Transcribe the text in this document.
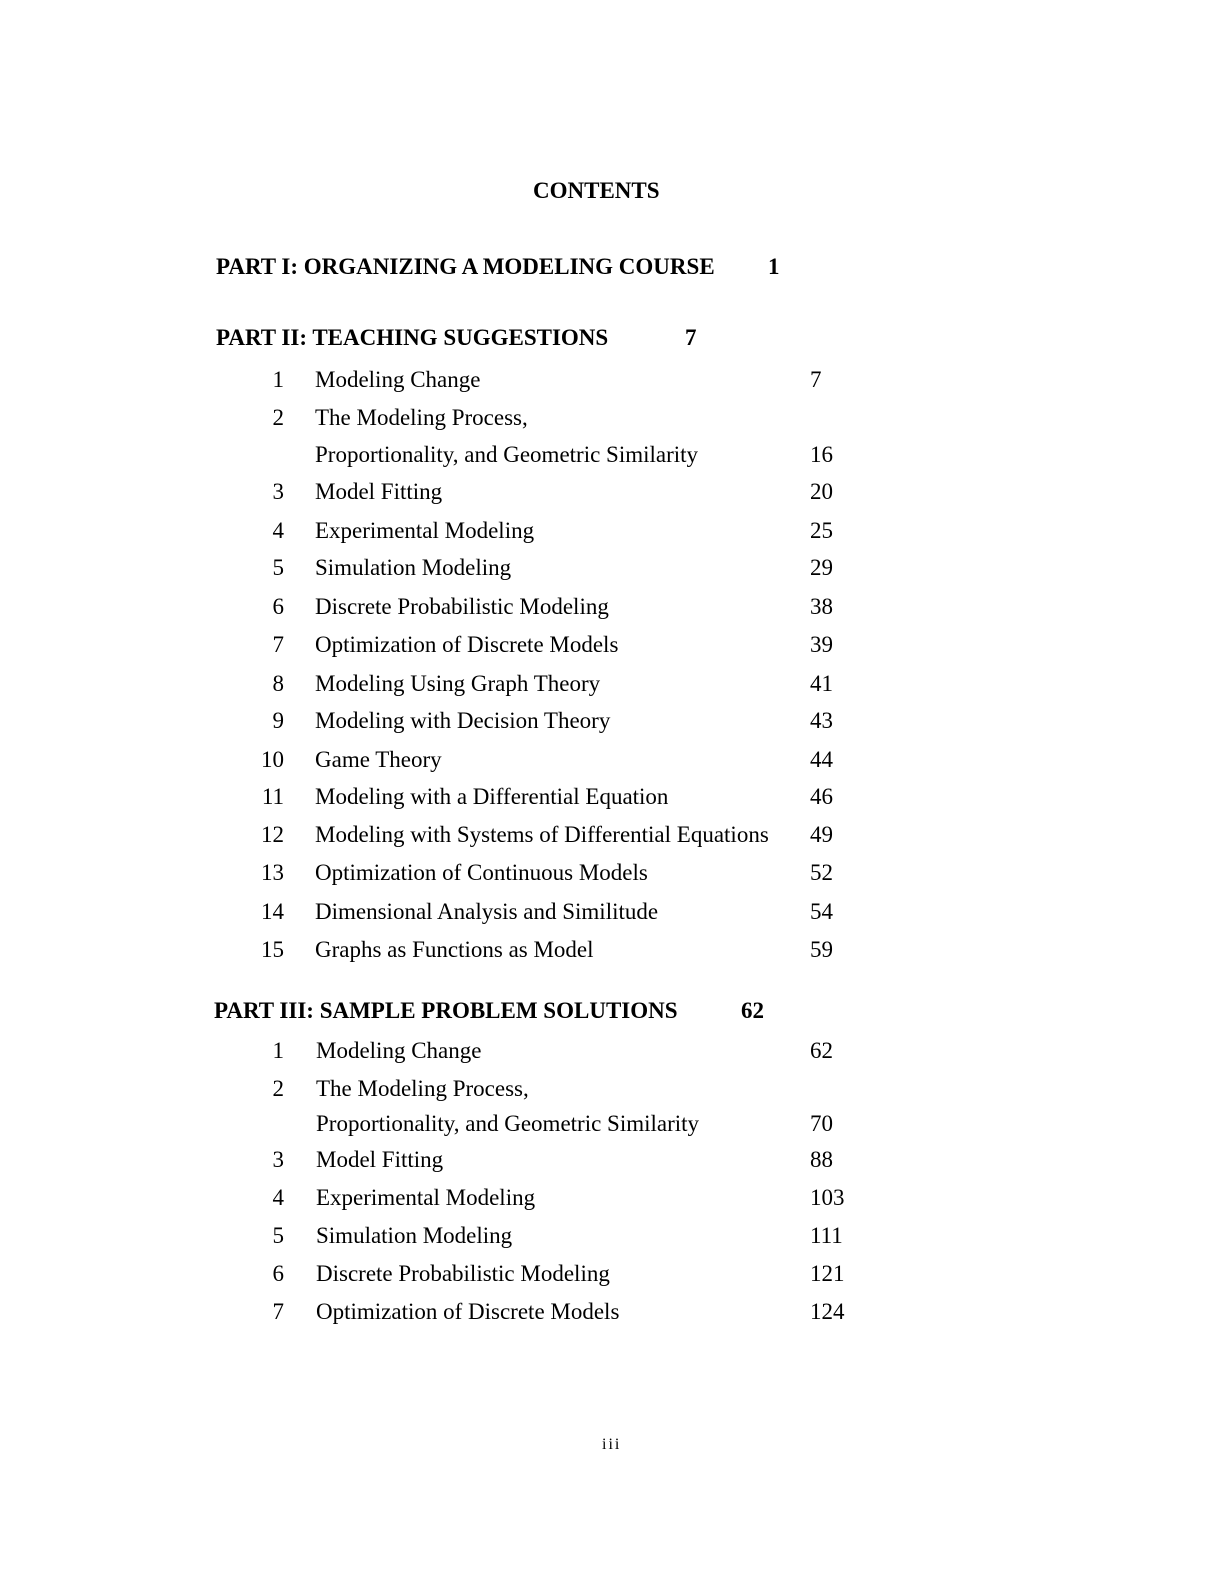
CONTENTS
PART I: ORGANIZING A MODELING COURSE 1
PART II: TEACHING SUGGESTIONS	7
1 Modeling Change	7
2 The Modeling Process,
Proportionality, and Geometric Similarity	16
3 Model Fitting	20
4 Experimental Modeling	25
5 Simulation Modeling	29
6 Discrete Probabilistic Modeling	38
7 Optimization of Discrete Models	39
8 Modeling Using Graph Theory	41
9 Modeling with Decision Theory	43
10 Game Theory	44
11 Modeling with a Differential Equation	46
12 Modeling with Systems of Differential Equations 49
13 Optimization of Continuous Models	52
14 Dimensional Analysis and Similitude	54
15 Graphs as Functions as Model	59
PART III: SAMPLE PROBLEM SOLUTIONS	62
1 Modeling Change	62
2 The Modeling Process,
Proportionality, and Geometric Similarity	70
3 Model Fitting	88
4 Experimental Modeling	103
5 Simulation Modeling	111
6 Discrete Probabilistic Modeling	121
7 Optimization of Discrete Models	124
iii
